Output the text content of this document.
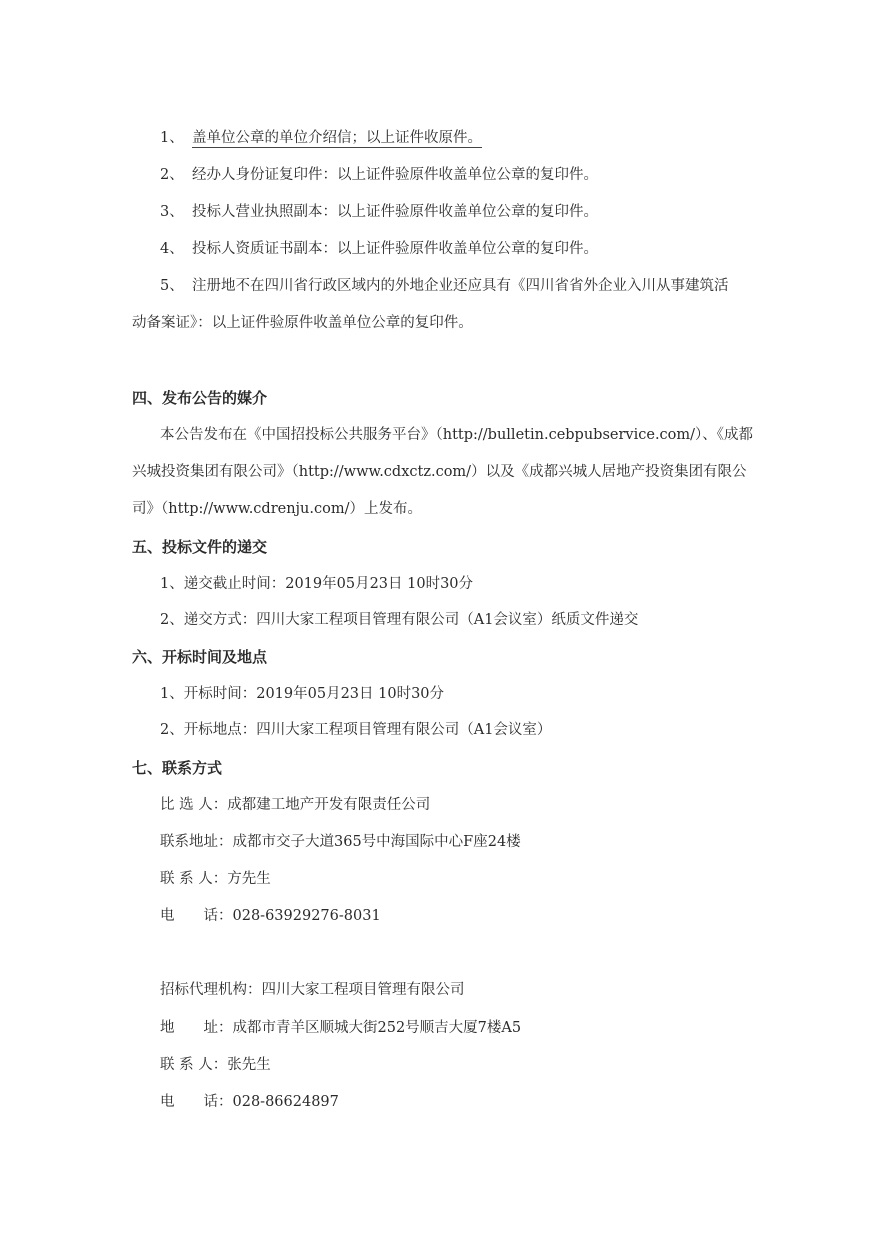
1、 盖单位公章的单位介绍信；以上证件收原件。
2、 经办人身份证复印件：以上证件验原件收盖单位公章的复印件。
3、 投标人营业执照副本：以上证件验原件收盖单位公章的复印件。
4、 投标人资质证书副本：以上证件验原件收盖单位公章的复印件。
5、 注册地不在四川省行政区域内的外地企业还应具有《四川省省外企业入川从事建筑活
动备案证》：以上证件验原件收盖单位公章的复印件。
四、发布公告的媒介
本公告发布在《中国招投标公共服务平台》（http://bulletin.cebpubservice.com/）、《成都
兴城投资集团有限公司》（http://www.cdxctz.com/）以及《成都兴城人居地产投资集团有限公
司》（http://www.cdrenju.com/）上发布。
五、投标文件的递交
1、递交截止时间：2019年05月23日 10时30分
2、递交方式：四川大家工程项目管理有限公司（A1会议室）纸质文件递交
六、开标时间及地点
1、开标时间：2019年05月23日 10时30分
2、开标地点：四川大家工程项目管理有限公司（A1会议室）
七、联系方式
比 选 人：成都建工地产开发有限责任公司
联系地址：成都市交子大道365号中海国际中心F座24楼
联 系 人：方先生
电　　话：028-63929276-8031
招标代理机构：四川大家工程项目管理有限公司
地　　址：成都市青羊区顺城大街252号顺吉大厦7楼A5
联 系 人：张先生
电　　话：028-86624897
